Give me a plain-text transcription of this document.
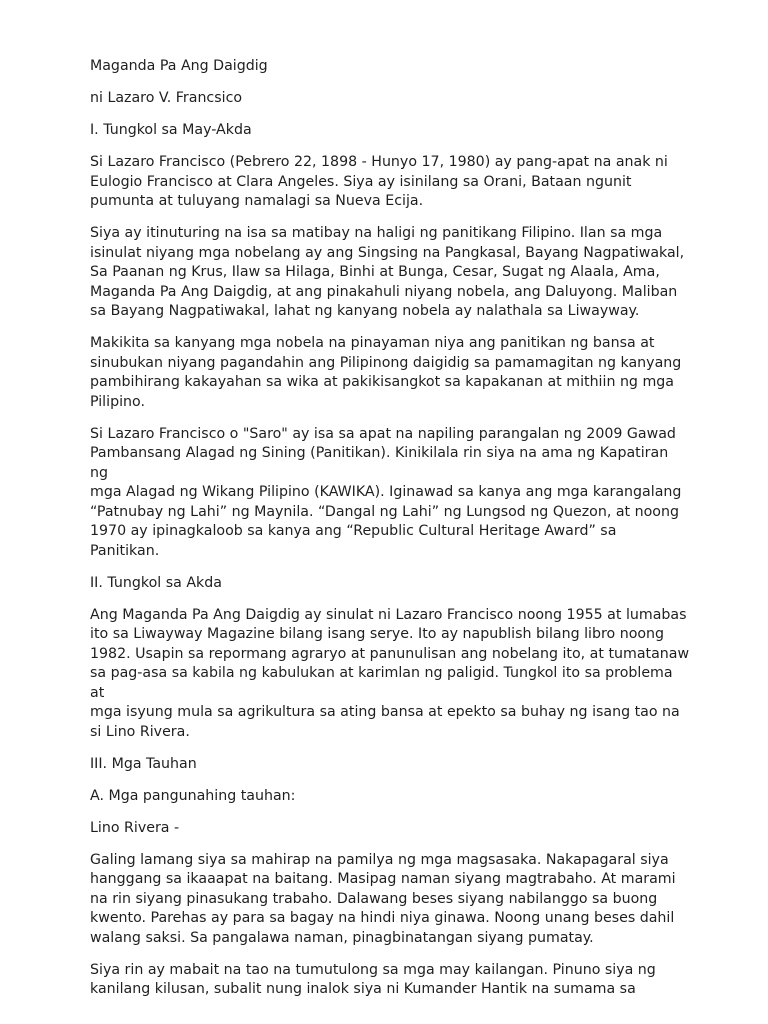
Maganda Pa Ang Daigdig

ni Lazaro V. Francsico

I. Tungkol sa May-Akda

Si Lazaro Francisco (Pebrero 22, 1898 - Hunyo 17, 1980) ay pang-apat na anak ni
Eulogio Francisco at Clara Angeles. Siya ay isinilang sa Orani, Bataan ngunit
pumunta at tuluyang namalagi sa Nueva Ecija.

Siya ay itinuturing na isa sa matibay na haligi ng panitikang Filipino. Ilan sa mga
isinulat niyang mga nobelang ay ang Singsing na Pangkasal, Bayang Nagpatiwakal,
Sa Paanan ng Krus, Ilaw sa Hilaga, Binhi at Bunga, Cesar, Sugat ng Alaala, Ama,
Maganda Pa Ang Daigdig, at ang pinakahuli niyang nobela, ang Daluyong. Maliban
sa Bayang Nagpatiwakal, lahat ng kanyang nobela ay nalathala sa Liwayway.

Makikita sa kanyang mga nobela na pinayaman niya ang panitikan ng bansa at
sinubukan niyang pagandahin ang Pilipinong daigidig sa pamamagitan ng kanyang
pambihirang kakayahan sa wika at pakikisangkot sa kapakanan at mithiin ng mga
Pilipino.

Si Lazaro Francisco o "Saro" ay isa sa apat na napiling parangalan ng 2009 Gawad
Pambansang Alagad ng Sining (Panitikan). Kinikilala rin siya na ama ng Kapatiran ng
mga Alagad ng Wikang Pilipino (KAWIKA). Iginawad sa kanya ang mga karangalang
“Patnubay ng Lahi” ng Maynila. “Dangal ng Lahi” ng Lungsod ng Quezon, at noong
1970 ay ipinagkaloob sa kanya ang “Republic Cultural Heritage Award” sa Panitikan.

II. Tungkol sa Akda

Ang Maganda Pa Ang Daigdig ay sinulat ni Lazaro Francisco noong 1955 at lumabas
ito sa Liwayway Magazine bilang isang serye. Ito ay napublish bilang libro noong
1982. Usapin sa repormang agraryo at panunulisan ang nobelang ito, at tumatanaw
sa pag-asa sa kabila ng kabulukan at karimlan ng paligid. Tungkol ito sa problema at
mga isyung mula sa agrikultura sa ating bansa at epekto sa buhay ng isang tao na
si Lino Rivera.

III. Mga Tauhan

A. Mga pangunahing tauhan:

Lino Rivera -

Galing lamang siya sa mahirap na pamilya ng mga magsasaka. Nakapagaral siya
hanggang sa ikaaapat na baitang. Masipag naman siyang magtrabaho. At marami
na rin siyang pinasukang trabaho. Dalawang beses siyang nabilanggo sa buong
kwento. Parehas ay para sa bagay na hindi niya ginawa. Noong unang beses dahil
walang saksi. Sa pangalawa naman, pinagbinatangan siyang pumatay.

Siya rin ay mabait na tao na tumutulong sa mga may kailangan. Pinuno siya ng
kanilang kilusan, subalit nung inalok siya ni Kumander Hantik na sumama sa
